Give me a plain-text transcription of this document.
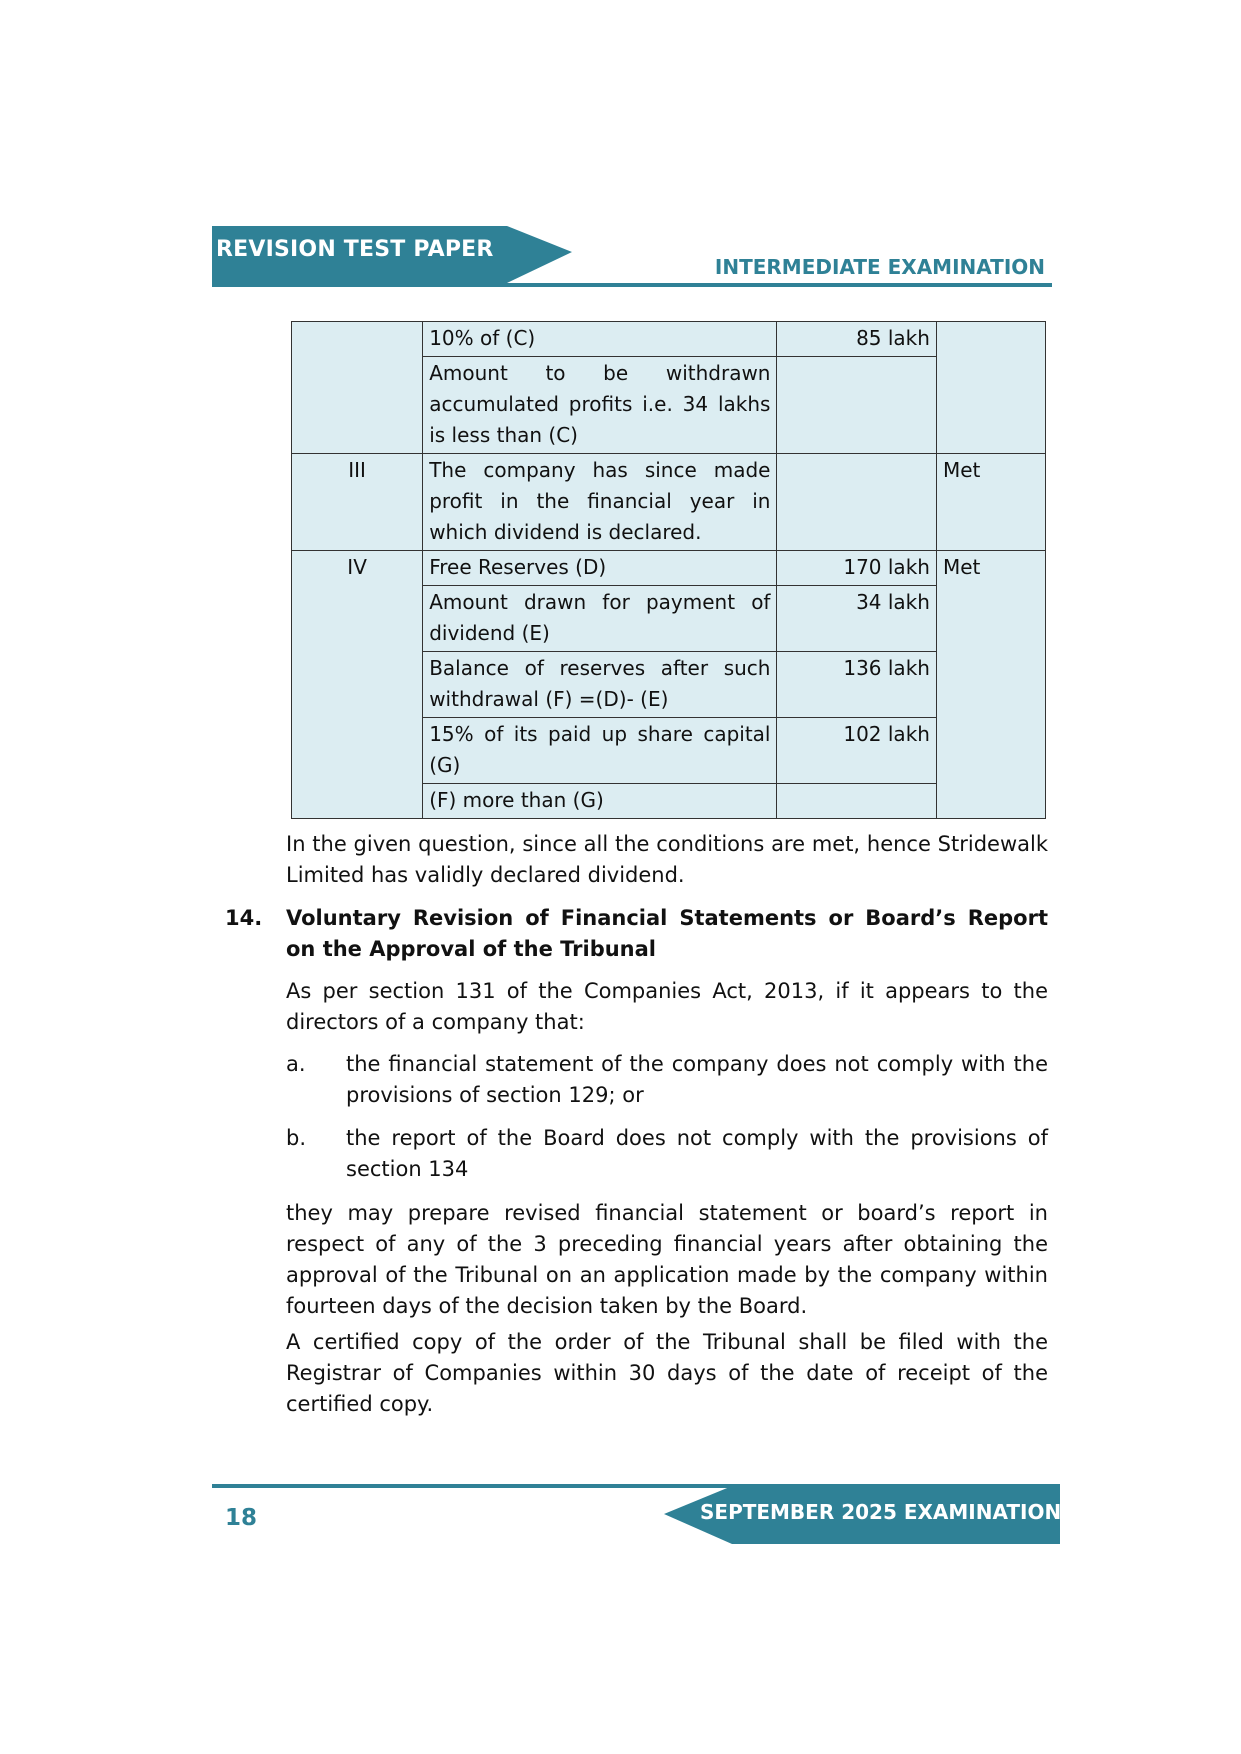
REVISION TEST PAPER
INTERMEDIATE EXAMINATION
	10% of (C)	85 lakh	
	Amount to be withdrawn accumulated profits i.e. 34 lakhs is less than (C)		
III	The company has since made profit in the financial year in which dividend is declared.		Met
IV	Free Reserves (D)	170 lakh	Met
	Amount drawn for payment of dividend (E)	34 lakh	
	Balance of reserves after such withdrawal (F) =(D)- (E)	136 lakh	
	15% of its paid up share capital (G)	102 lakh	
	(F) more than (G)		
In the given question, since all the conditions are met, hence Stridewalk Limited has validly declared dividend.
14. Voluntary Revision of Financial Statements or Board’s Report on the Approval of the Tribunal
As per section 131 of the Companies Act, 2013, if it appears to the directors of a company that:
a. the financial statement of the company does not comply with the provisions of section 129; or
b. the report of the Board does not comply with the provisions of section 134
they may prepare revised financial statement or board’s report in respect of any of the 3 preceding financial years after obtaining the approval of the Tribunal on an application made by the company within fourteen days of the decision taken by the Board.
A certified copy of the order of the Tribunal shall be filed with the Registrar of Companies within 30 days of the date of receipt of the certified copy.
18	SEPTEMBER 2025 EXAMINATION
